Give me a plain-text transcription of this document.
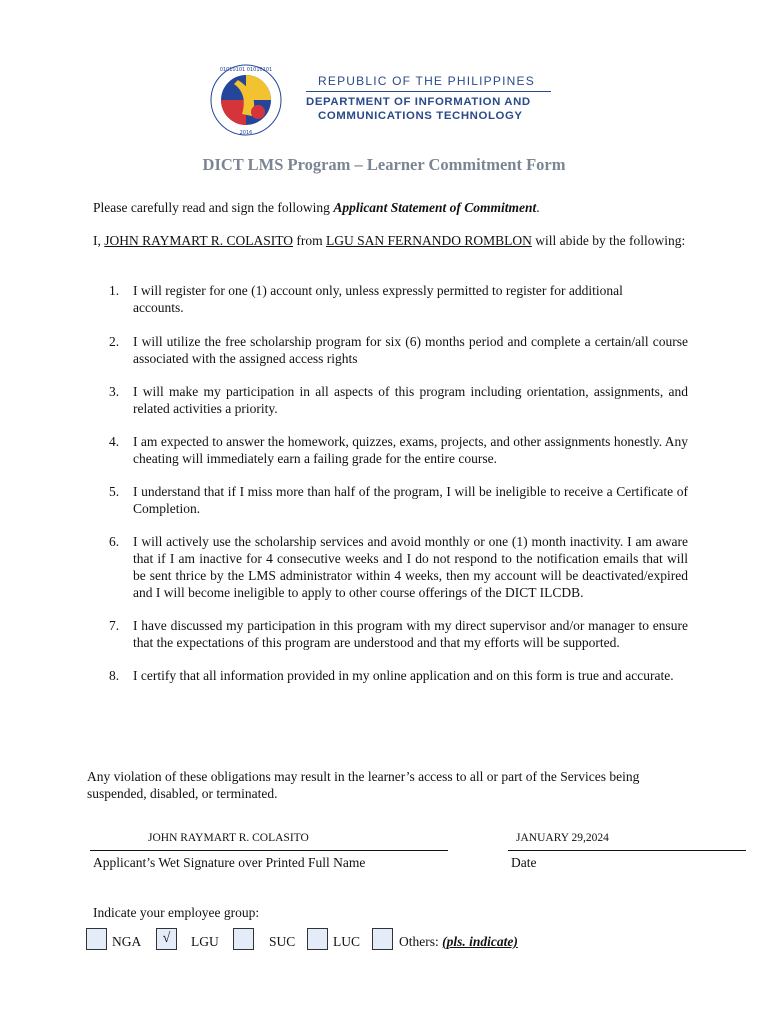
01010101 01010101
2016
REPUBLIC OF THE PHILIPPINES
DEPARTMENT OF INFORMATION AND
COMMUNICATIONS TECHNOLOGY
DICT LMS Program – Learner Commitment Form
Please carefully read and sign the following Applicant Statement of Commitment.
I, JOHN RAYMART R. COLASITO from LGU SAN FERNANDO ROMBLON will abide by the following:
1. I will register for one (1) account only, unless expressly permitted to register for additional
accounts.
2. I will utilize the free scholarship program for six (6) months period and complete a certain/all course associated with the assigned access rights
3. I will make my participation in all aspects of this program including orientation, assignments, and related activities a priority.
4. I am expected to answer the homework, quizzes, exams, projects, and other assignments honestly. Any cheating will immediately earn a failing grade for the entire course.
5. I understand that if I miss more than half of the program, I will be ineligible to receive a Certificate of Completion.
6. I will actively use the scholarship services and avoid monthly or one (1) month inactivity. I am aware that if I am inactive for 4 consecutive weeks and I do not respond to the notification emails that will be sent thrice by the LMS administrator within 4 weeks, then my account will be deactivated/expired and I will become ineligible to apply to other course offerings of the DICT ILCDB.
7. I have discussed my participation in this program with my direct supervisor and/or manager to ensure that the expectations of this program are understood and that my efforts will be supported.
8. I certify that all information provided in my online application and on this form is true and accurate.
Any violation of these obligations may result in the learner’s access to all or part of the Services being suspended, disabled, or terminated.
JOHN RAYMART R. COLASITO
Applicant’s Wet Signature over Printed Full Name
JANUARY 29,2024
Date
Indicate your employee group:
NGA	√	LGU	SUC	LUC	Others: (pls. indicate)
